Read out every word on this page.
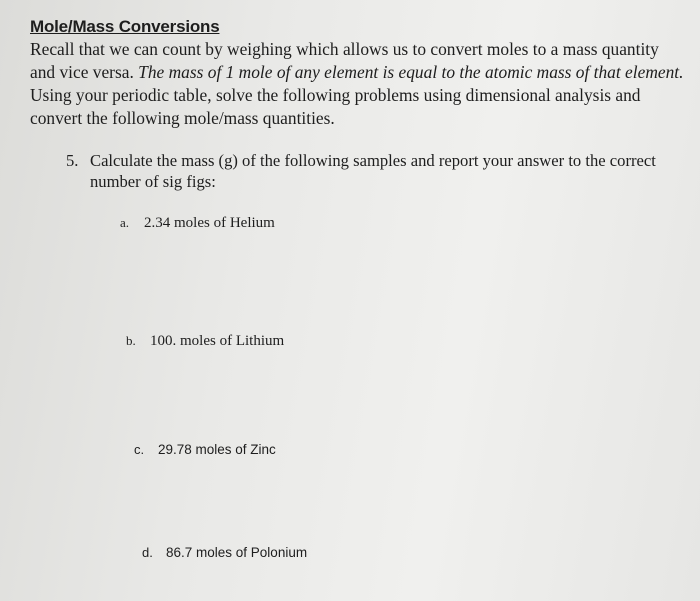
Mole/Mass Conversions
Recall that we can count by weighing which allows us to convert moles to a mass quantity and vice versa. The mass of 1 mole of any element is equal to the atomic mass of that element. Using your periodic table, solve the following problems using dimensional analysis and convert the following mole/mass quantities.
5. Calculate the mass (g) of the following samples and report your answer to the correct number of sig figs:
a. 2.34 moles of Helium
b. 100. moles of Lithium
c.	29.78 moles of Zinc
d. 86.7 moles of Polonium
